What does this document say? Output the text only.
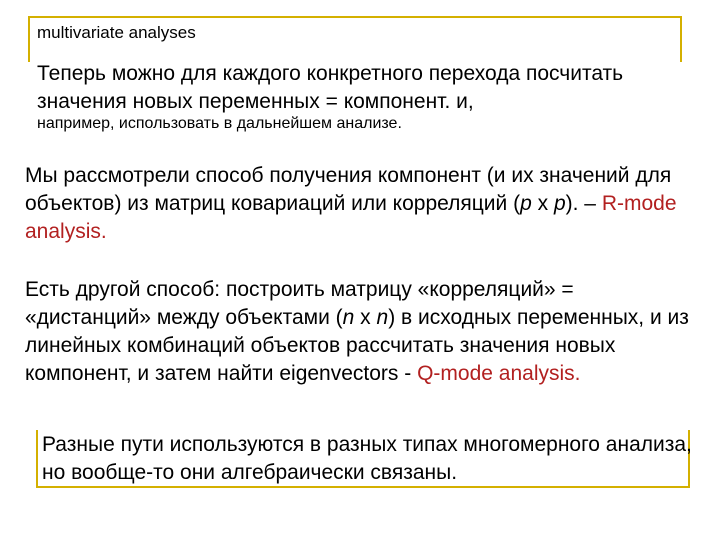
multivariate analyses
Теперь можно для каждого конкретного перехода посчитать значения новых переменных = компонент. и,
например, использовать в дальнейшем анализе.
Мы рассмотрели способ получения компонент (и их значений для объектов) из матриц ковариаций или корреляций (p x p). – R-mode analysis.
Есть другой способ: построить матрицу «корреляций» = «дистанций» между объектами (n x n) в исходных переменных, и из линейных комбинаций объектов рассчитать значения новых компонент, и затем найти eigenvectors - Q-mode analysis.
Разные пути используются в разных типах многомерного анализа, но вообще-то они алгебраически связаны.
